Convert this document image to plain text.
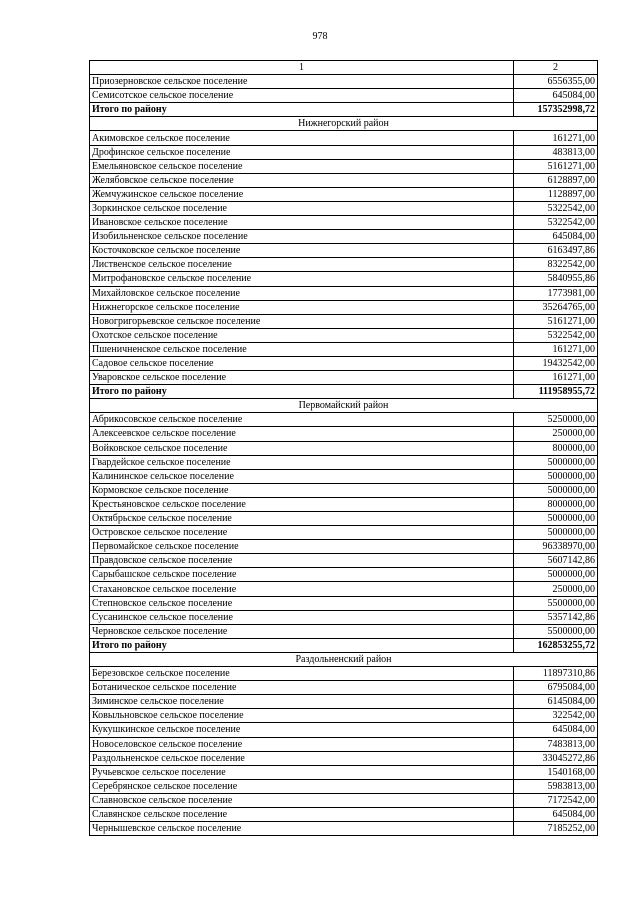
978
1	2
Приозерновское сельское поселение	6556355,00
Семисотское сельское поселение	645084,00
Итого по району	157352998,72
Нижнегорский район	
Акимовское сельское поселение	161271,00
Дрофинское сельское поселение	483813,00
Емельяновское сельское поселение	5161271,00
Желябовское сельское поселение	6128897,00
Жемчужинское сельское поселение	1128897,00
Зоркинское сельское поселение	5322542,00
Ивановское сельское поселение	5322542,00
Изобильненское сельское поселение	645084,00
Косточковское сельское поселение	6163497,86
Лиственское сельское поселение	8322542,00
Митрофановское сельское поселение	5840955,86
Михайловское сельское поселение	1773981,00
Нижнегорское сельское поселение	35264765,00
Новогригорьевское сельское поселение	5161271,00
Охотское сельское поселение	5322542,00
Пшеничненское сельское поселение	161271,00
Садовое сельское поселение	19432542,00
Уваровское сельское поселение	161271,00
Итого по району	111958955,72
Первомайский район	
Абрикосовское сельское поселение	5250000,00
Алексеевское сельское поселение	250000,00
Войковское сельское поселение	800000,00
Гвардейское сельское поселение	5000000,00
Калининское сельское поселение	5000000,00
Кормовское сельское поселение	5000000,00
Крестьяновское сельское поселение	8000000,00
Октябрьское сельское поселение	5000000,00
Островское сельское поселение	5000000,00
Первомайское сельское поселение	96338970,00
Правдовское сельское поселение	5607142,86
Сарыбашское сельское поселение	5000000,00
Стахановское сельское поселение	250000,00
Степновское сельское поселение	5500000,00
Сусанинское сельское поселение	5357142,86
Черновское сельское поселение	5500000,00
Итого по району	162853255,72
Раздольненский район	
Березовское сельское поселение	11897310,86
Ботаническое сельское поселение	6795084,00
Зиминское сельское поселение	6145084,00
Ковыльновское сельское поселение	322542,00
Кукушкинское сельское поселение	645084,00
Новоселовское сельское поселение	7483813,00
Раздольненское сельское поселение	33045272,86
Ручьевское сельское поселение	1540168,00
Серебрянское сельское поселение	5983813,00
Славновское сельское поселение	7172542,00
Славянское сельское поселение	645084,00
Чернышевское сельское поселение	7185252,00
